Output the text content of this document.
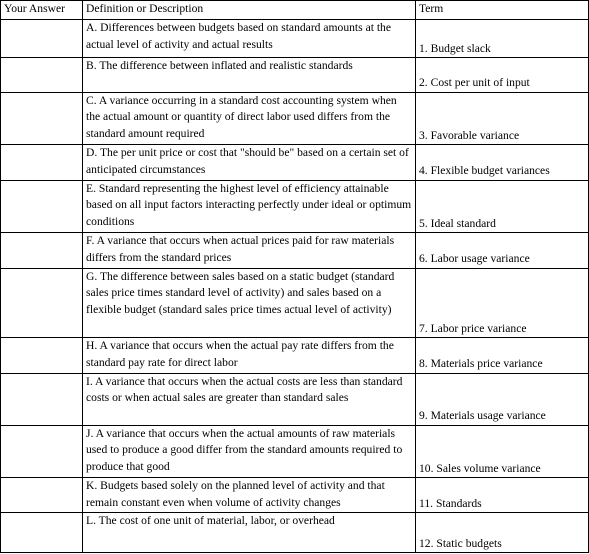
Your Answer	Definition or Description	Term
	A. Differences between budgets based on standard amounts at the actual level of activity and actual results	1. Budget slack
	B. The difference between inflated and realistic standards	2. Cost per unit of input
	C. A variance occurring in a standard cost accounting system when the actual amount or quantity of direct labor used differs from the standard amount required	3. Favorable variance
	D. The per unit price or cost that "should be" based on a certain set of anticipated circumstances	4. Flexible budget variances
	E. Standard representing the highest level of efficiency attainable based on all input factors interacting perfectly under ideal or optimum conditions	5. Ideal standard
	F. A variance that occurs when actual prices paid for raw materials differs from the standard prices	6. Labor usage variance
	G. The difference between sales based on a static budget (standard sales price times standard level of activity) and sales based on a flexible budget (standard sales price times actual level of activity)	7. Labor price variance
	H. A variance that occurs when the actual pay rate differs from the standard pay rate for direct labor	8. Materials price variance
	I. A variance that occurs when the actual costs are less than standard costs or when actual sales are greater than standard sales	9. Materials usage variance
	J. A variance that occurs when the actual amounts of raw materials used to produce a good differ from the standard amounts required to produce that good	10. Sales volume variance
	K. Budgets based solely on the planned level of activity and that remain constant even when volume of activity changes	11. Standards
	L. The cost of one unit of material, labor, or overhead	12. Static budgets
